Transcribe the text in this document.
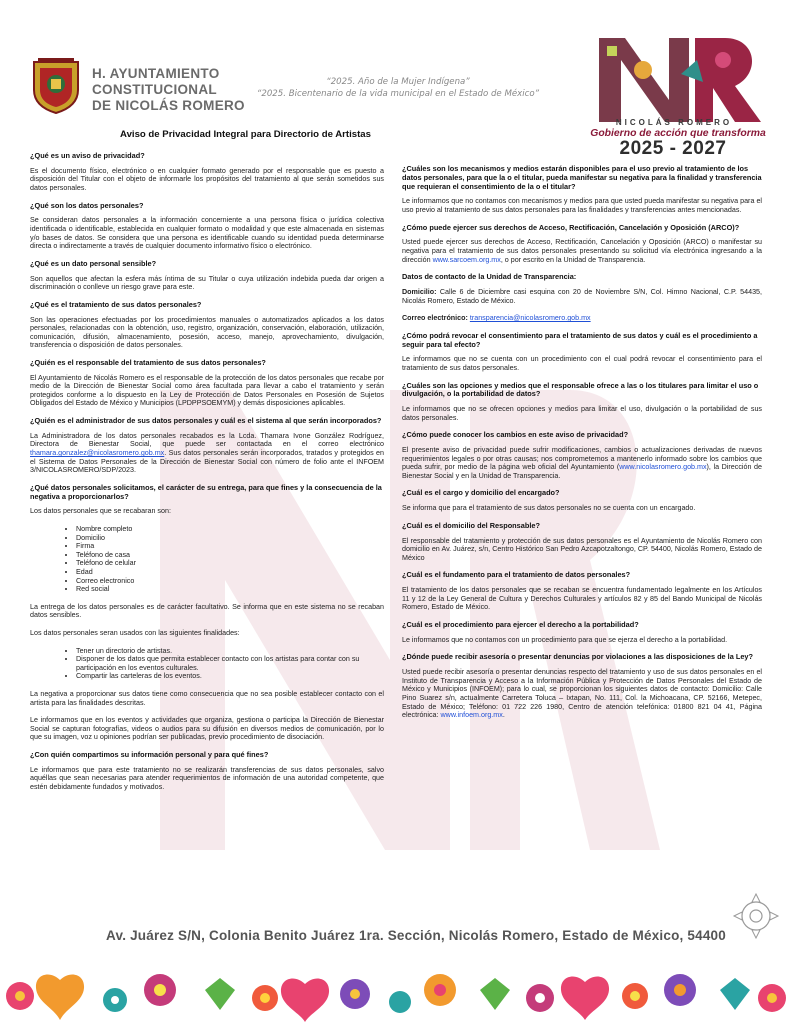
H. AYUNTAMIENTO
CONSTITUCIONAL
DE NICOLÁS ROMERO
“2025. Año de la Mujer Indígena”
“2025. Bicentenario de la vida municipal en el Estado de México”
NICOLÁS ROMERO
Gobierno de acción que transforma
2025 - 2027
Aviso de Privacidad Integral para Directorio de Artistas
¿Qué es un aviso de privacidad?

Es el documento físico, electrónico o en cualquier formato generado por el responsable que es puesto a disposición del Titular con el objeto de informarle los propósitos del tratamiento al que serán sometidos sus datos personales.

¿Qué son los datos personales?

Se consideran datos personales a la información concerniente a una persona física o jurídica colectiva identificada o identificable, establecida en cualquier formato o modalidad y que este almacenada en sistemas y/o bases de datos. Se considera que una persona es identificable cuando su identidad pueda determinarse directa o indirectamente a través de cualquier documento informativo físico o electrónico.

¿Qué es un dato personal sensible?

Son aquellos que afectan la esfera más íntima de su Titular o cuya utilización indebida pueda dar origen a discriminación o conlleve un riesgo grave para este.

¿Qué es el tratamiento de sus datos personales?

Son las operaciones efectuadas por los procedimientos manuales o automatizados aplicados a los datos personales, relacionadas con la obtención, uso, registro, organización, conservación, elaboración, utilización, comunicación, difusión, almacenamiento, posesión, acceso, manejo, aprovechamiento, divulgación, transferencia o disposición de datos personales.

¿Quién es el responsable del tratamiento de sus datos personales?

El Ayuntamiento de Nicolás Romero es el responsable de la protección de los datos personales que recabe por medio de la Dirección de Bienestar Social como área facultada para llevar a cabo el tratamiento y serán protegidos conforme a lo dispuesto en la Ley de Protección de Datos Personales en Posesión de Sujetos Obligados del Estado de México y Municipios (LPDPPSOEMYM) y demás disposiciones aplicables.

¿Quién es el administrador de sus datos personales y cuál es el sistema al que serán incorporados?

La Administradora de los datos personales recabados es la Lcda. Thamara Ivone González Rodríguez, Directora de Bienestar Social, que puede ser contactada en el correo electrónico thamara.gonzalez@nicolasromero.gob.mx. Sus datos personales serán incorporados, tratados y protegidos en el Sistema de Datos Personales de la Dirección de Bienestar Social con número de folio ante el INFOEM 3/NICOLASROMERO/SDP/2023.

¿Qué datos personales solicitamos, el carácter de su entrega, para que fines y la consecuencia de la negativa a proporcionarlos?

Los datos personales que se recabaran son:

• Nombre completo
• Domicilio
• Firma
• Teléfono de casa
• Teléfono de celular
• Edad
• Correo electronico
• Red social

La entrega de los datos personales es de carácter facultativo. Se informa que en este sistema no se recaban datos sensibles.

Los datos personales seran usados con las siguientes finalidades:

• Tener un directorio de artistas.
• Disponer de los datos que permita establecer contacto con los artistas para contar con su participación en los eventos culturales.
• Compartir las carteleras de los eventos.

La negativa a proporcionar sus datos tiene como consecuencia que no sea posible establecer contacto con el artista para las finalidades descritas.

Le informamos que en los eventos y actividades que organiza, gestiona o participa la Dirección de Bienestar Social se capturan fotografías, videos o audios para su difusión en diversos medios de comunicación, por lo que su imagen, voz u opiniones podrían ser publicadas, previo procedimiento de disociación.

¿Con quién compartimos su información personal y para qué fines?

Le informamos que para este tratamiento no se realizarán transferencias de sus datos personales, salvo aquéllas que sean necesarias para atender requerimientos de información de una autoridad competente, que estén debidamente fundados y motivados.

¿Cuáles son los mecanismos y medios estarán disponibles para el uso previo al tratamiento de los datos personales, para que la o el titular, pueda manifestar su negativa para la finalidad y transferencia que requieran el consentimiento de la o el titular?

Le informamos que no contamos con mecanismos y medios para que usted pueda manifestar su negativa para el uso previo al tratamiento de sus datos personales para las finalidades y transferencias antes mencionadas.

¿Cómo puede ejercer sus derechos de Acceso, Rectificación, Cancelación y Oposición (ARCO)?

Usted puede ejercer sus derechos de Acceso, Rectificación, Cancelación y Oposición (ARCO) o manifestar su negativa para el tratamiento de sus datos personales presentando su solicitud vía electrónica ingresando a la dirección www.sarcoem.org.mx, o por escrito en la Unidad de Transparencia.

Datos de contacto de la Unidad de Transparencia:

Domicilio: Calle 6 de Diciembre casi esquina con 20 de Noviembre S/N, Col. Himno Nacional, C.P. 54435, Nicolás Romero, Estado de México.

Correo electrónico: transparencia@nicolasromero.gob.mx

¿Cómo podrá revocar el consentimiento para el tratamiento de sus datos y cuál es el procedimiento a seguir para tal efecto?

Le informamos que no se cuenta con un procedimiento con el cual podrá revocar el consentimiento para el tratamiento de sus datos personales.

¿Cuáles son las opciones y medios que el responsable ofrece a las o los titulares para limitar el uso o divulgación, o la portabilidad de datos?

Le informamos que no se ofrecen opciones y medios para limitar el uso, divulgación o la portabilidad de sus datos personales.

¿Cómo puede conocer los cambios en este aviso de privacidad?

El presente aviso de privacidad puede sufrir modificaciones, cambios o actualizaciones derivadas de nuevos requerimientos legales o por otras causas; nos comprometemos a mantenerlo informado sobre los cambios que pueda sufrir, por medio de la página web oficial del Ayuntamiento (www.nicolasromero.gob.mx), la Dirección de Bienestar Social y en la Unidad de Transparencia.

¿Cuál es el cargo y domicilio del encargado?

Se informa que para el tratamiento de sus datos personales no se cuenta con un encargado.

¿Cuál es el domicilio del Responsable?

El responsable del tratamiento y protección de sus datos personales es el Ayuntamiento de Nicolás Romero con domicilio en Av. Juárez, s/n, Centro Histórico San Pedro Azcapotzaltongo, CP. 54400, Nicolás Romero, Estado de México

¿Cuál es el fundamento para el tratamiento de datos personales?

El tratamiento de los datos personales que se recaban se encuentra fundamentado legalmente en los Artículos 11 y 12 de la Ley General de Cultura y Derechos Culturales y artículos 82 y 85 del Bando Municipal de Nicolás Romero, Estado de México.

¿Cuál es el procedimiento para ejercer el derecho a la portabilidad?

Le informamos que no contamos con un procedimiento para que se ejerza el derecho a la portabilidad.

¿Dónde puede recibir asesoría o presentar denuncias por violaciones a las disposiciones de la Ley?

Usted puede recibir asesoría o presentar denuncias respecto del tratamiento y uso de sus datos personales en el Instituto de Transparencia y Acceso a la Información Pública y Protección de Datos Personales del Estado de México y Municipios (INFOEM); para lo cual, se proporcionan los siguientes datos de contacto: Domicilio: Calle Pino Suarez s/n, actualmente Carretera Toluca – Ixtapan, No. 111, Col. la Michoacana, CP. 52166, Metepec, Estado de México; Teléfono: 01 722 226 1980, Centro de atención telefónica: 01800 821 04 41, Página electrónica: www.infoem.org.mx.

Av. Juárez S/N, Colonia Benito Juárez 1ra. Sección, Nicolás Romero, Estado de México, 54400
